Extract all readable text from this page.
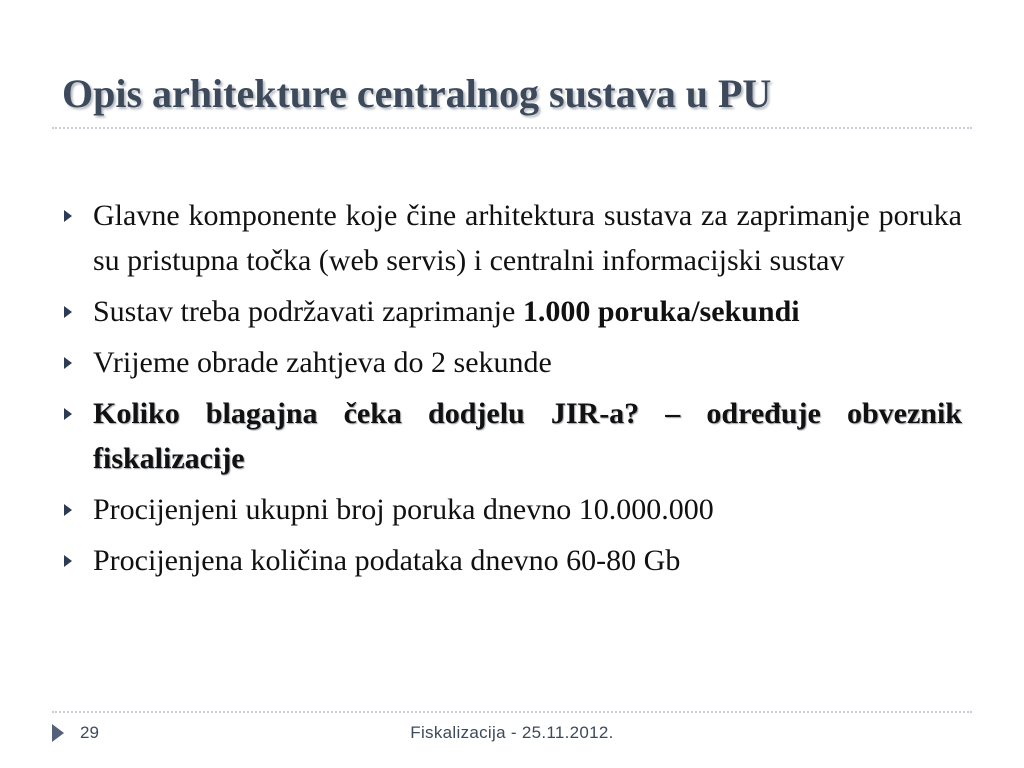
Opis arhitekture centralnog sustava u PU
Glavne komponente koje čine arhitektura sustava za zaprimanje poruka su pristupna točka (web servis) i centralni informacijski sustav
Sustav treba podržavati zaprimanje 1.000 poruka/sekundi
Vrijeme obrade zahtjeva do 2 sekunde
Koliko blagajna čeka dodjelu JIR-a? – određuje obveznik fiskalizacije
Procijenjeni ukupni broj poruka dnevno 10.000.000
Procijenjena količina podataka dnevno 60-80 Gb
29	Fiskalizacija - 25.11.2012.
